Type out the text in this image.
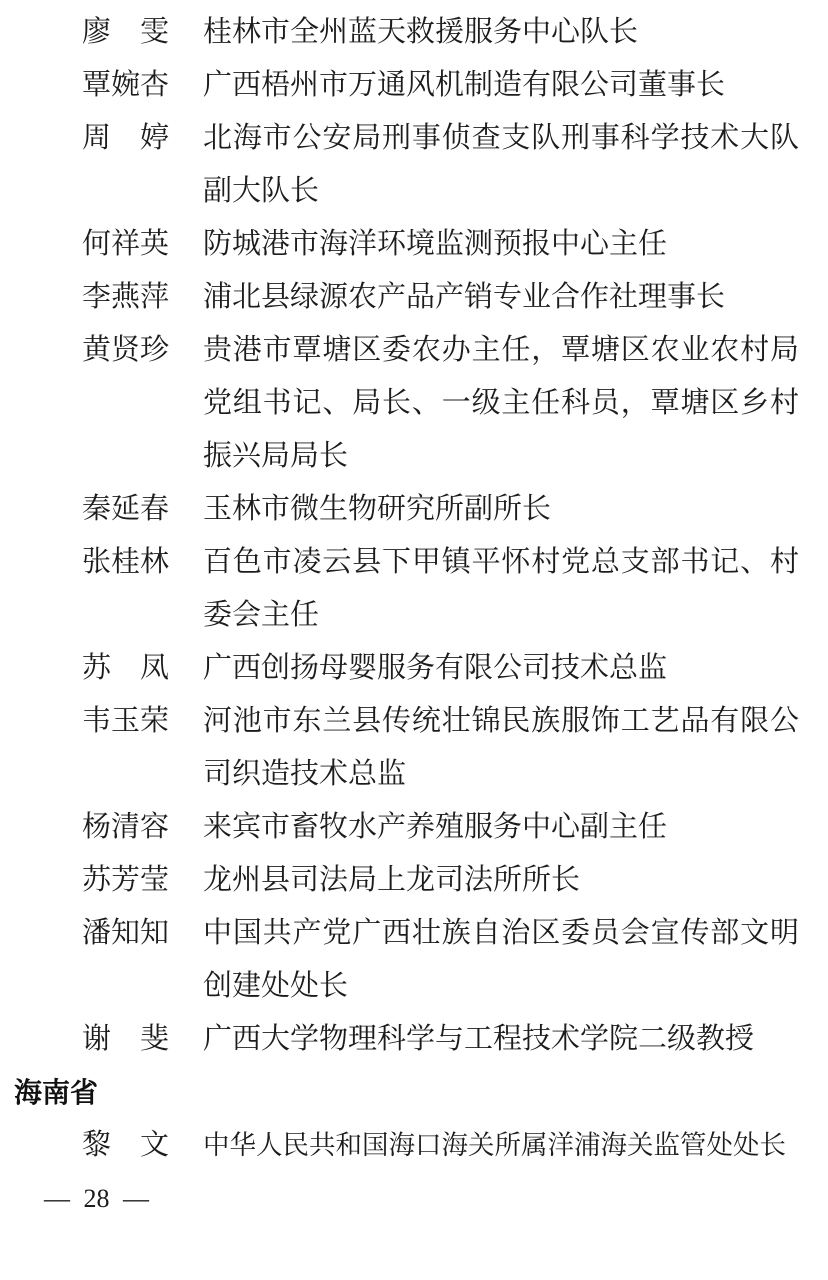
廖　雯 桂林市全州蓝天救援服务中心队长
覃婉杏 广西梧州市万通风机制造有限公司董事长
周　婷 北海市公安局刑事侦查支队刑事科学技术大队副大队长
何祥英 防城港市海洋环境监测预报中心主任
李燕萍 浦北县绿源农产品产销专业合作社理事长
黄贤珍 贵港市覃塘区委农办主任，覃塘区农业农村局党组书记、局长、一级主任科员，覃塘区乡村振兴局局长
秦延春 玉林市微生物研究所副所长
张桂林 百色市凌云县下甲镇平怀村党总支部书记、村委会主任
苏　凤 广西创扬母婴服务有限公司技术总监
韦玉荣 河池市东兰县传统壮锦民族服饰工艺品有限公司织造技术总监
杨清容 来宾市畜牧水产养殖服务中心副主任
苏芳莹 龙州县司法局上龙司法所所长
潘知知 中国共产党广西壮族自治区委员会宣传部文明创建处处长
谢　斐 广西大学物理科学与工程技术学院二级教授
海南省
黎　文 中华人民共和国海口海关所属洋浦海关监管处处长
— 28 —
